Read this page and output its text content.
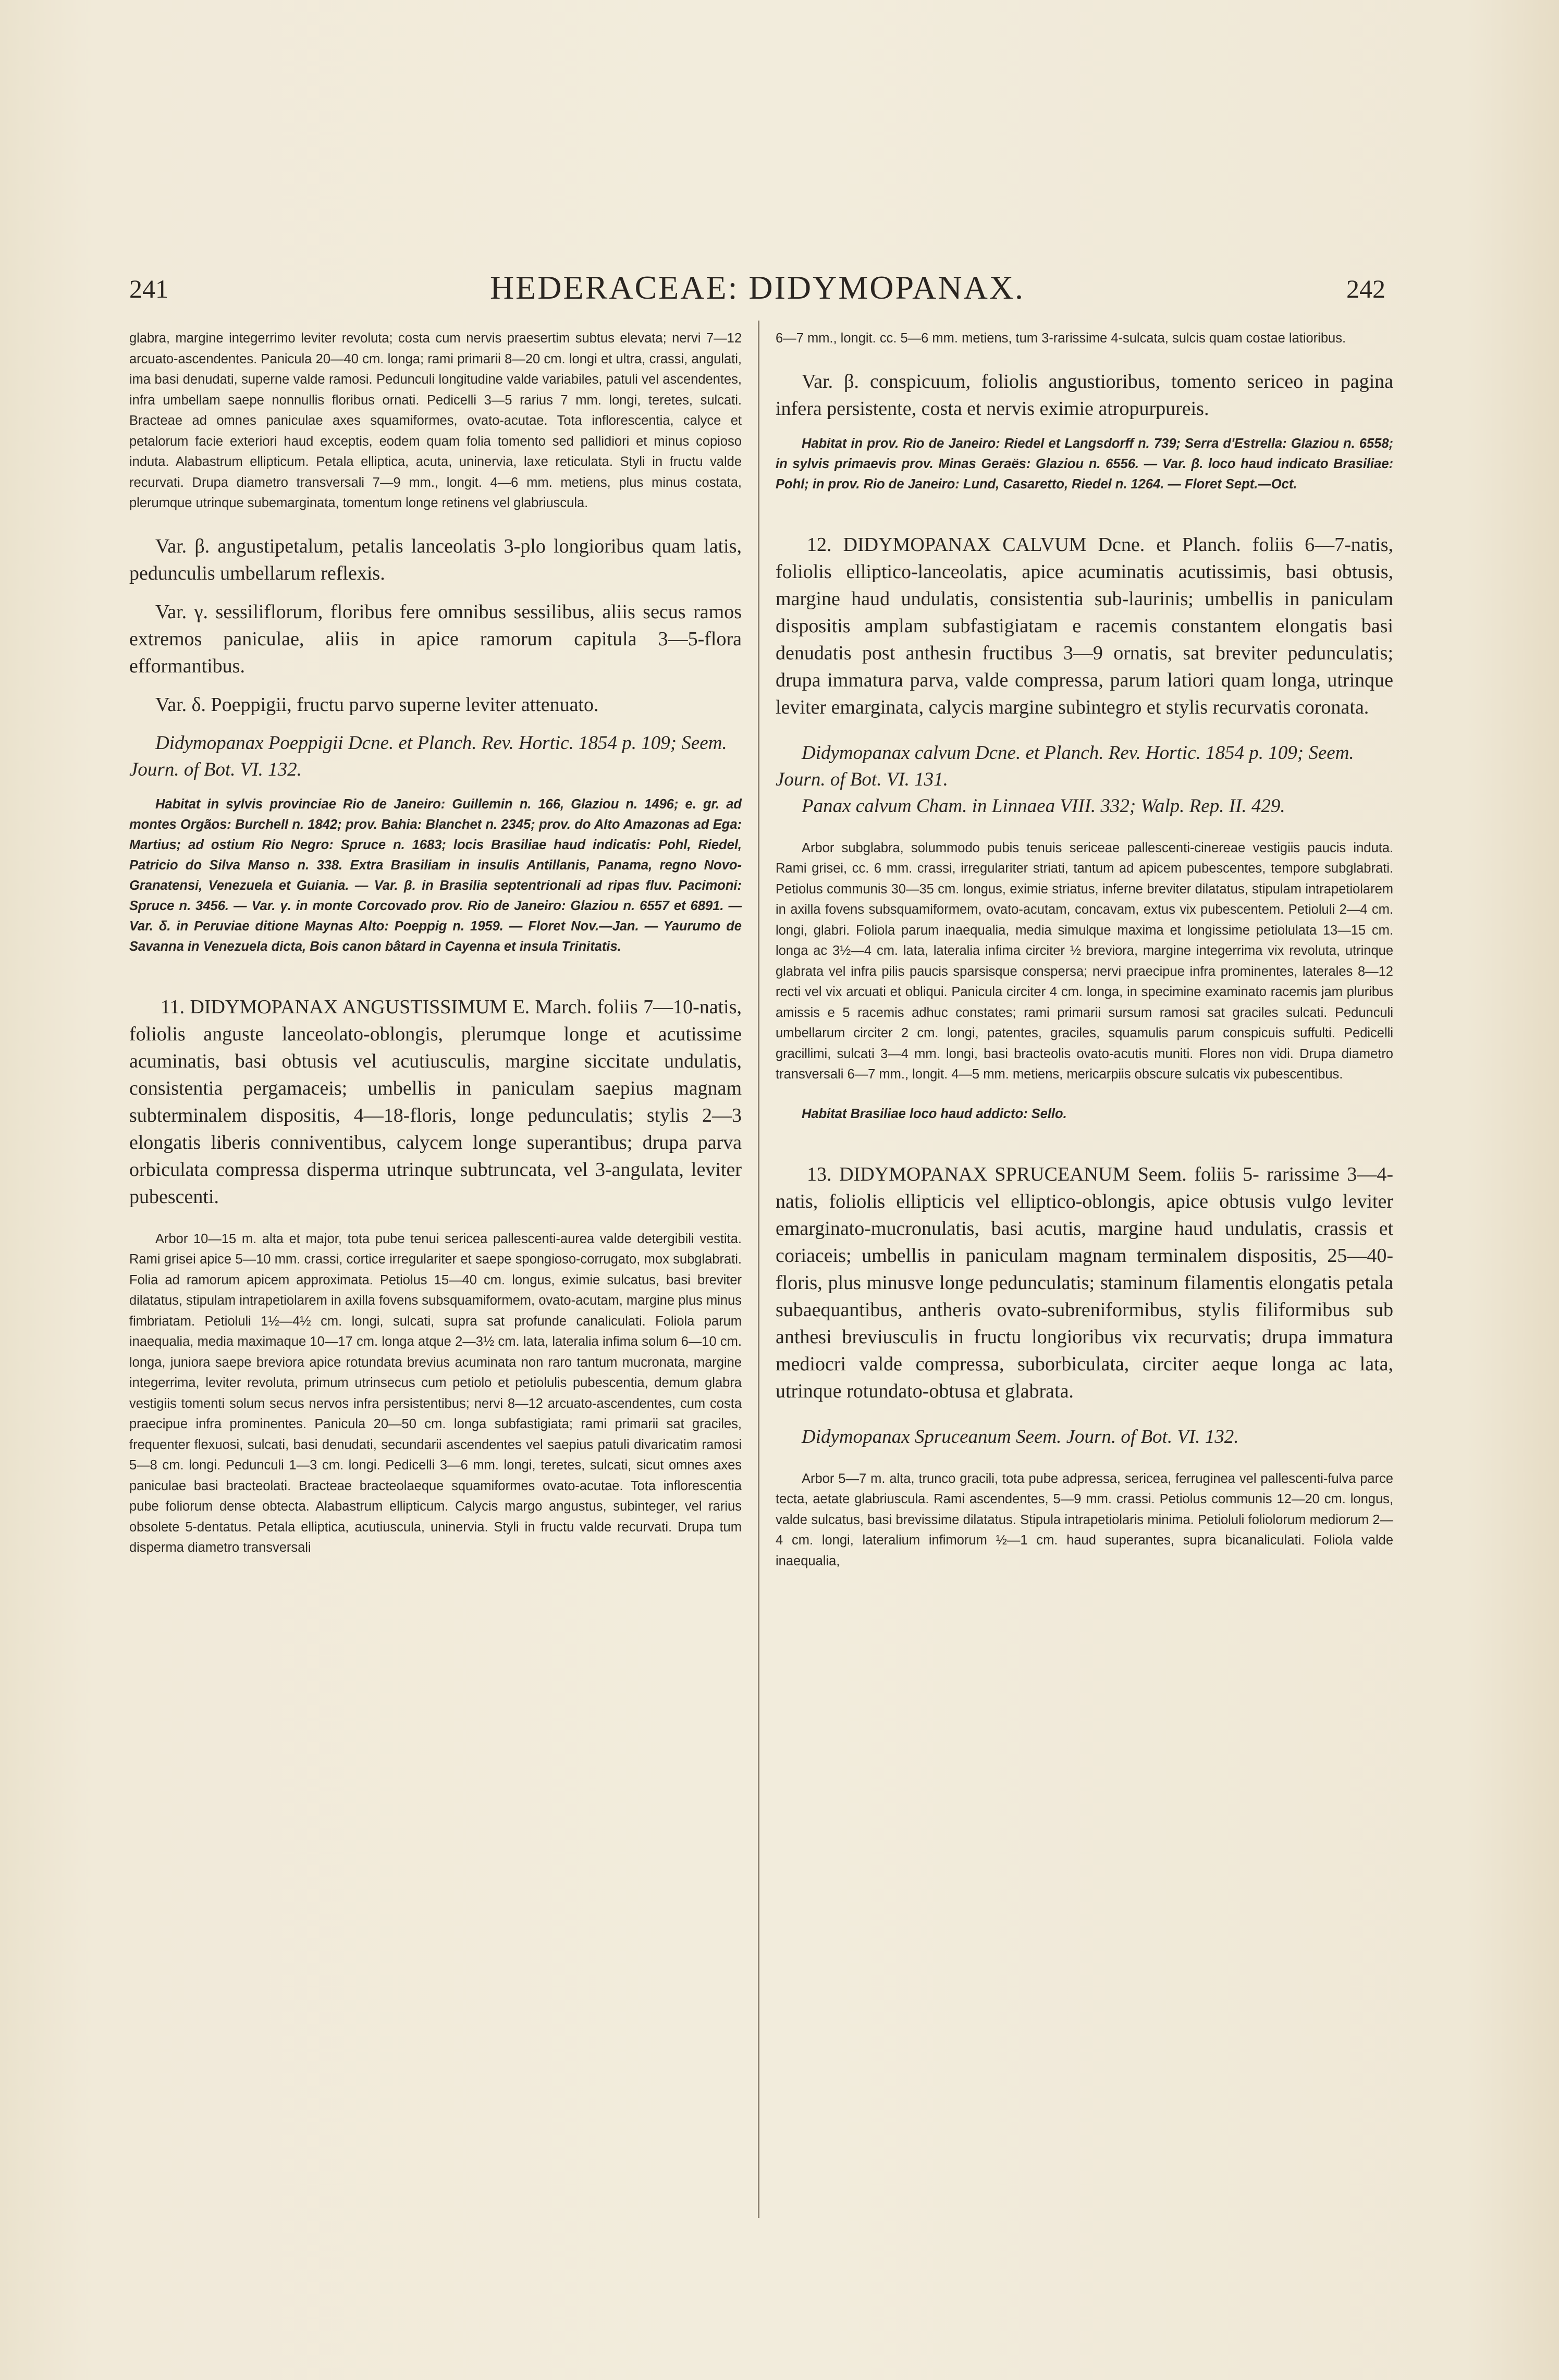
241	HEDERACEAE: DIDYMOPANAX.	242

glabra, margine integerrimo leviter revoluta; costa cum nervis praesertim subtus elevata; nervi 7—12 arcuato-ascendentes. Panicula 20—40 cm. longa; rami primarii 8—20 cm. longi et ultra, crassi, angulati, ima basi denudati, superne valde ramosi. Pedunculi longitudine valde variabiles, patuli vel ascendentes, infra umbellam saepe nonnullis floribus ornati. Pedicelli 3—5 rarius 7 mm. longi, teretes, sulcati. Bracteae ad omnes paniculae axes squamiformes, ovato-acutae. Tota inflorescentia, calyce et petalorum facie exteriori haud exceptis, eodem quam folia tomento sed pallidiori et minus copioso induta. Alabastrum ellipticum. Petala elliptica, acuta, uninervia, laxe reticulata. Styli in fructu valde recurvati. Drupa diametro transversali 7—9 mm., longit. 4—6 mm. metiens, plus minus costata, plerumque utrinque subemarginata, tomentum longe retinens vel glabriuscula.

Var. β. angustipetalum, petalis lanceolatis 3-plo longioribus quam latis, pedunculis umbellarum reflexis.

Var. γ. sessiliflorum, floribus fere omnibus sessilibus, aliis secus ramos extremos paniculae, aliis in apice ramorum capitula 3—5-flora efformantibus.

Var. δ. Poeppigii, fructu parvo superne leviter attenuato.

Didymopanax Poeppigii Dcne. et Planch. Rev. Hortic. 1854 p. 109; Seem. Journ. of Bot. VI. 132.

Habitat in sylvis provinciae Rio de Janeiro: Guillemin n. 166, Glaziou n. 1496; e. gr. ad montes Orgãos: Burchell n. 1842; prov. Bahia: Blanchet n. 2345; prov. do Alto Amazonas ad Ega: Martius; ad ostium Rio Negro: Spruce n. 1683; locis Brasiliae haud indicatis: Pohl, Riedel, Patricio do Silva Manso n. 338. Extra Brasiliam in insulis Antillanis, Panama, regno Novo-Granatensi, Venezuela et Guiania. — Var. β. in Brasilia septentrionali ad ripas fluv. Pacimoni: Spruce n. 3456. — Var. γ. in monte Corcovado prov. Rio de Janeiro: Glaziou n. 6557 et 6891. — Var. δ. in Peruviae ditione Maynas Alto: Poeppig n. 1959. — Floret Nov.—Jan. — Yaurumo de Savanna in Venezuela dicta, Bois canon bâtard in Cayenna et insula Trinitatis.

11. DIDYMOPANAX ANGUSTISSIMUM E. March. foliis 7—10-natis, foliolis anguste lanceolato-oblongis, plerumque longe et acutissime acuminatis, basi obtusis vel acutiusculis, margine siccitate undulatis, consistentia pergamaceis; umbellis in paniculam saepius magnam subterminalem dispositis, 4—18-floris, longe pedunculatis; stylis 2—3 elongatis liberis conniventibus, calycem longe superantibus; drupa parva orbiculata compressa disperma utrinque subtruncata, vel 3-angulata, leviter pubescenti.

Arbor 10—15 m. alta et major, tota pube tenui sericea pallescenti-aurea valde detergibili vestita. Rami grisei apice 5—10 mm. crassi, cortice irregulariter et saepe spongioso-corrugato, mox subglabrati. Folia ad ramorum apicem approximata. Petiolus 15—40 cm. longus, eximie sulcatus, basi breviter dilatatus, stipulam intrapetiolarem in axilla fovens subsquamiformem, ovato-acutam, margine plus minus fimbriatam. Petioluli 1½—4½ cm. longi, sulcati, supra sat profunde canaliculati. Foliola parum inaequalia, media maximaque 10—17 cm. longa atque 2—3½ cm. lata, lateralia infima solum 6—10 cm. longa, juniora saepe breviora apice rotundata brevius acuminata non raro tantum mucronata, margine integerrima, leviter revoluta, primum utrinsecus cum petiolo et petiolulis pubescentia, demum glabra vestigiis tomenti solum secus nervos infra persistentibus; nervi 8—12 arcuato-ascendentes, cum costa praecipue infra prominentes. Panicula 20—50 cm. longa subfastigiata; rami primarii sat graciles, frequenter flexuosi, sulcati, basi denudati, secundarii ascendentes vel saepius patuli divaricatim ramosi 5—8 cm. longi. Pedunculi 1—3 cm. longi. Pedicelli 3—6 mm. longi, teretes, sulcati, sicut omnes axes paniculae basi bracteolati. Bracteae bracteolaeque squamiformes ovato-acutae. Tota inflorescentia pube foliorum dense obtecta. Alabastrum ellipticum. Calycis margo angustus, subinteger, vel rarius obsolete 5-dentatus. Petala elliptica, acutiuscula, uninervia. Styli in fructu valde recurvati. Drupa tum disperma diametro transversali

6—7 mm., longit. cc. 5—6 mm. metiens, tum 3-rarissime 4-sulcata, sulcis quam costae latioribus.

Var. β. conspicuum, foliolis angustioribus, tomento sericeo in pagina infera persistente, costa et nervis eximie atropurpureis.

Habitat in prov. Rio de Janeiro: Riedel et Langsdorff n. 739; Serra d'Estrella: Glaziou n. 6558; in sylvis primaevis prov. Minas Geraës: Glaziou n. 6556. — Var. β. loco haud indicato Brasiliae: Pohl; in prov. Rio de Janeiro: Lund, Casaretto, Riedel n. 1264. — Floret Sept.—Oct.

12. DIDYMOPANAX CALVUM Dcne. et Planch. foliis 6—7-natis, foliolis elliptico-lanceolatis, apice acuminatis acutissimis, basi obtusis, margine haud undulatis, consistentia sub-laurinis; umbellis in paniculam dispositis amplam subfastigiatam e racemis constantem elongatis basi denudatis post anthesin fructibus 3—9 ornatis, sat breviter pedunculatis; drupa immatura parva, valde compressa, parum latiori quam longa, utrinque leviter emarginata, calycis margine subintegro et stylis recurvatis coronata.

Didymopanax calvum Dcne. et Planch. Rev. Hortic. 1854 p. 109; Seem. Journ. of Bot. VI. 131.

Panax calvum Cham. in Linnaea VIII. 332; Walp. Rep. II. 429.

Arbor subglabra, solummodo pubis tenuis sericeae pallescenti-cinereae vestigiis paucis induta. Rami grisei, cc. 6 mm. crassi, irregulariter striati, tantum ad apicem pubescentes, tempore subglabrati. Petiolus communis 30—35 cm. longus, eximie striatus, inferne breviter dilatatus, stipulam intrapetiolarem in axilla fovens subsquamiformem, ovato-acutam, concavam, extus vix pubescentem. Petioluli 2—4 cm. longi, glabri. Foliola parum inaequalia, media simulque maxima et longissime petiolulata 13—15 cm. longa ac 3½—4 cm. lata, lateralia infima circiter ½ breviora, margine integerrima vix revoluta, utrinque glabrata vel infra pilis paucis sparsisque conspersa; nervi praecipue infra prominentes, laterales 8—12 recti vel vix arcuati et obliqui. Panicula circiter 4 cm. longa, in specimine examinato racemis jam pluribus amissis e 5 racemis adhuc constates; rami primarii sursum ramosi sat graciles sulcati. Pedunculi umbellarum circiter 2 cm. longi, patentes, graciles, squamulis parum conspicuis suffulti. Pedicelli gracillimi, sulcati 3—4 mm. longi, basi bracteolis ovato-acutis muniti. Flores non vidi. Drupa diametro transversali 6—7 mm., longit. 4—5 mm. metiens, mericarpiis obscure sulcatis vix pubescentibus.

Habitat Brasiliae loco haud addicto: Sello.

13. DIDYMOPANAX SPRUCEANUM Seem. foliis 5- rarissime 3—4-natis, foliolis ellipticis vel elliptico-oblongis, apice obtusis vulgo leviter emarginato-mucronulatis, basi acutis, margine haud undulatis, crassis et coriaceis; umbellis in paniculam magnam terminalem dispositis, 25—40-floris, plus minusve longe pedunculatis; staminum filamentis elongatis petala subaequantibus, antheris ovato-subreniformibus, stylis filiformibus sub anthesi breviusculis in fructu longioribus vix recurvatis; drupa immatura mediocri valde compressa, suborbiculata, circiter aeque longa ac lata, utrinque rotundato-obtusa et glabrata.

Didymopanax Spruceanum Seem. Journ. of Bot. VI. 132.

Arbor 5—7 m. alta, trunco gracili, tota pube adpressa, sericea, ferruginea vel pallescenti-fulva parce tecta, aetate glabriuscula. Rami ascendentes, 5—9 mm. crassi. Petiolus communis 12—20 cm. longus, valde sulcatus, basi brevissime dilatatus. Stipula intrapetiolaris minima. Petioluli foliolorum mediorum 2—4 cm. longi, lateralium infimorum ½—1 cm. haud superantes, supra bicanaliculati. Foliola valde inaequalia,
